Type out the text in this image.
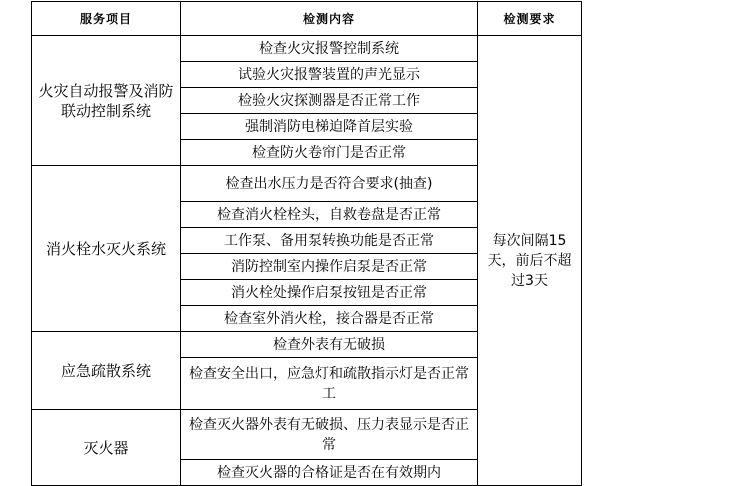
服务项目	检测内容	检测要求
火灾自动报警及消防联动控制系统	检查火灾报警控制系统	每次间隔15天，前后不超过3天
	试验火灾报警装置的声光显示	
	检验火灾探测器是否正常工作	
	强制消防电梯迫降首层实验	
	检查防火卷帘门是否正常	
消火栓水灭火系统	检查出水压力是否符合要求(抽查)	
	检查消火栓栓头，自救卷盘是否正常	
	工作泵、备用泵转换功能是否正常	
	消防控制室内操作启泵是否正常	
	消火栓处操作启泵按钮是否正常	
	检查室外消火栓，接合器是否正常	
应急疏散系统	检查外表有无破损	
	检查安全出口，应急灯和疏散指示灯是否正常工	
灭火器	检查灭火器外表有无破损、压力表显示是否正常	
	检查灭火器的合格证是否在有效期内	
